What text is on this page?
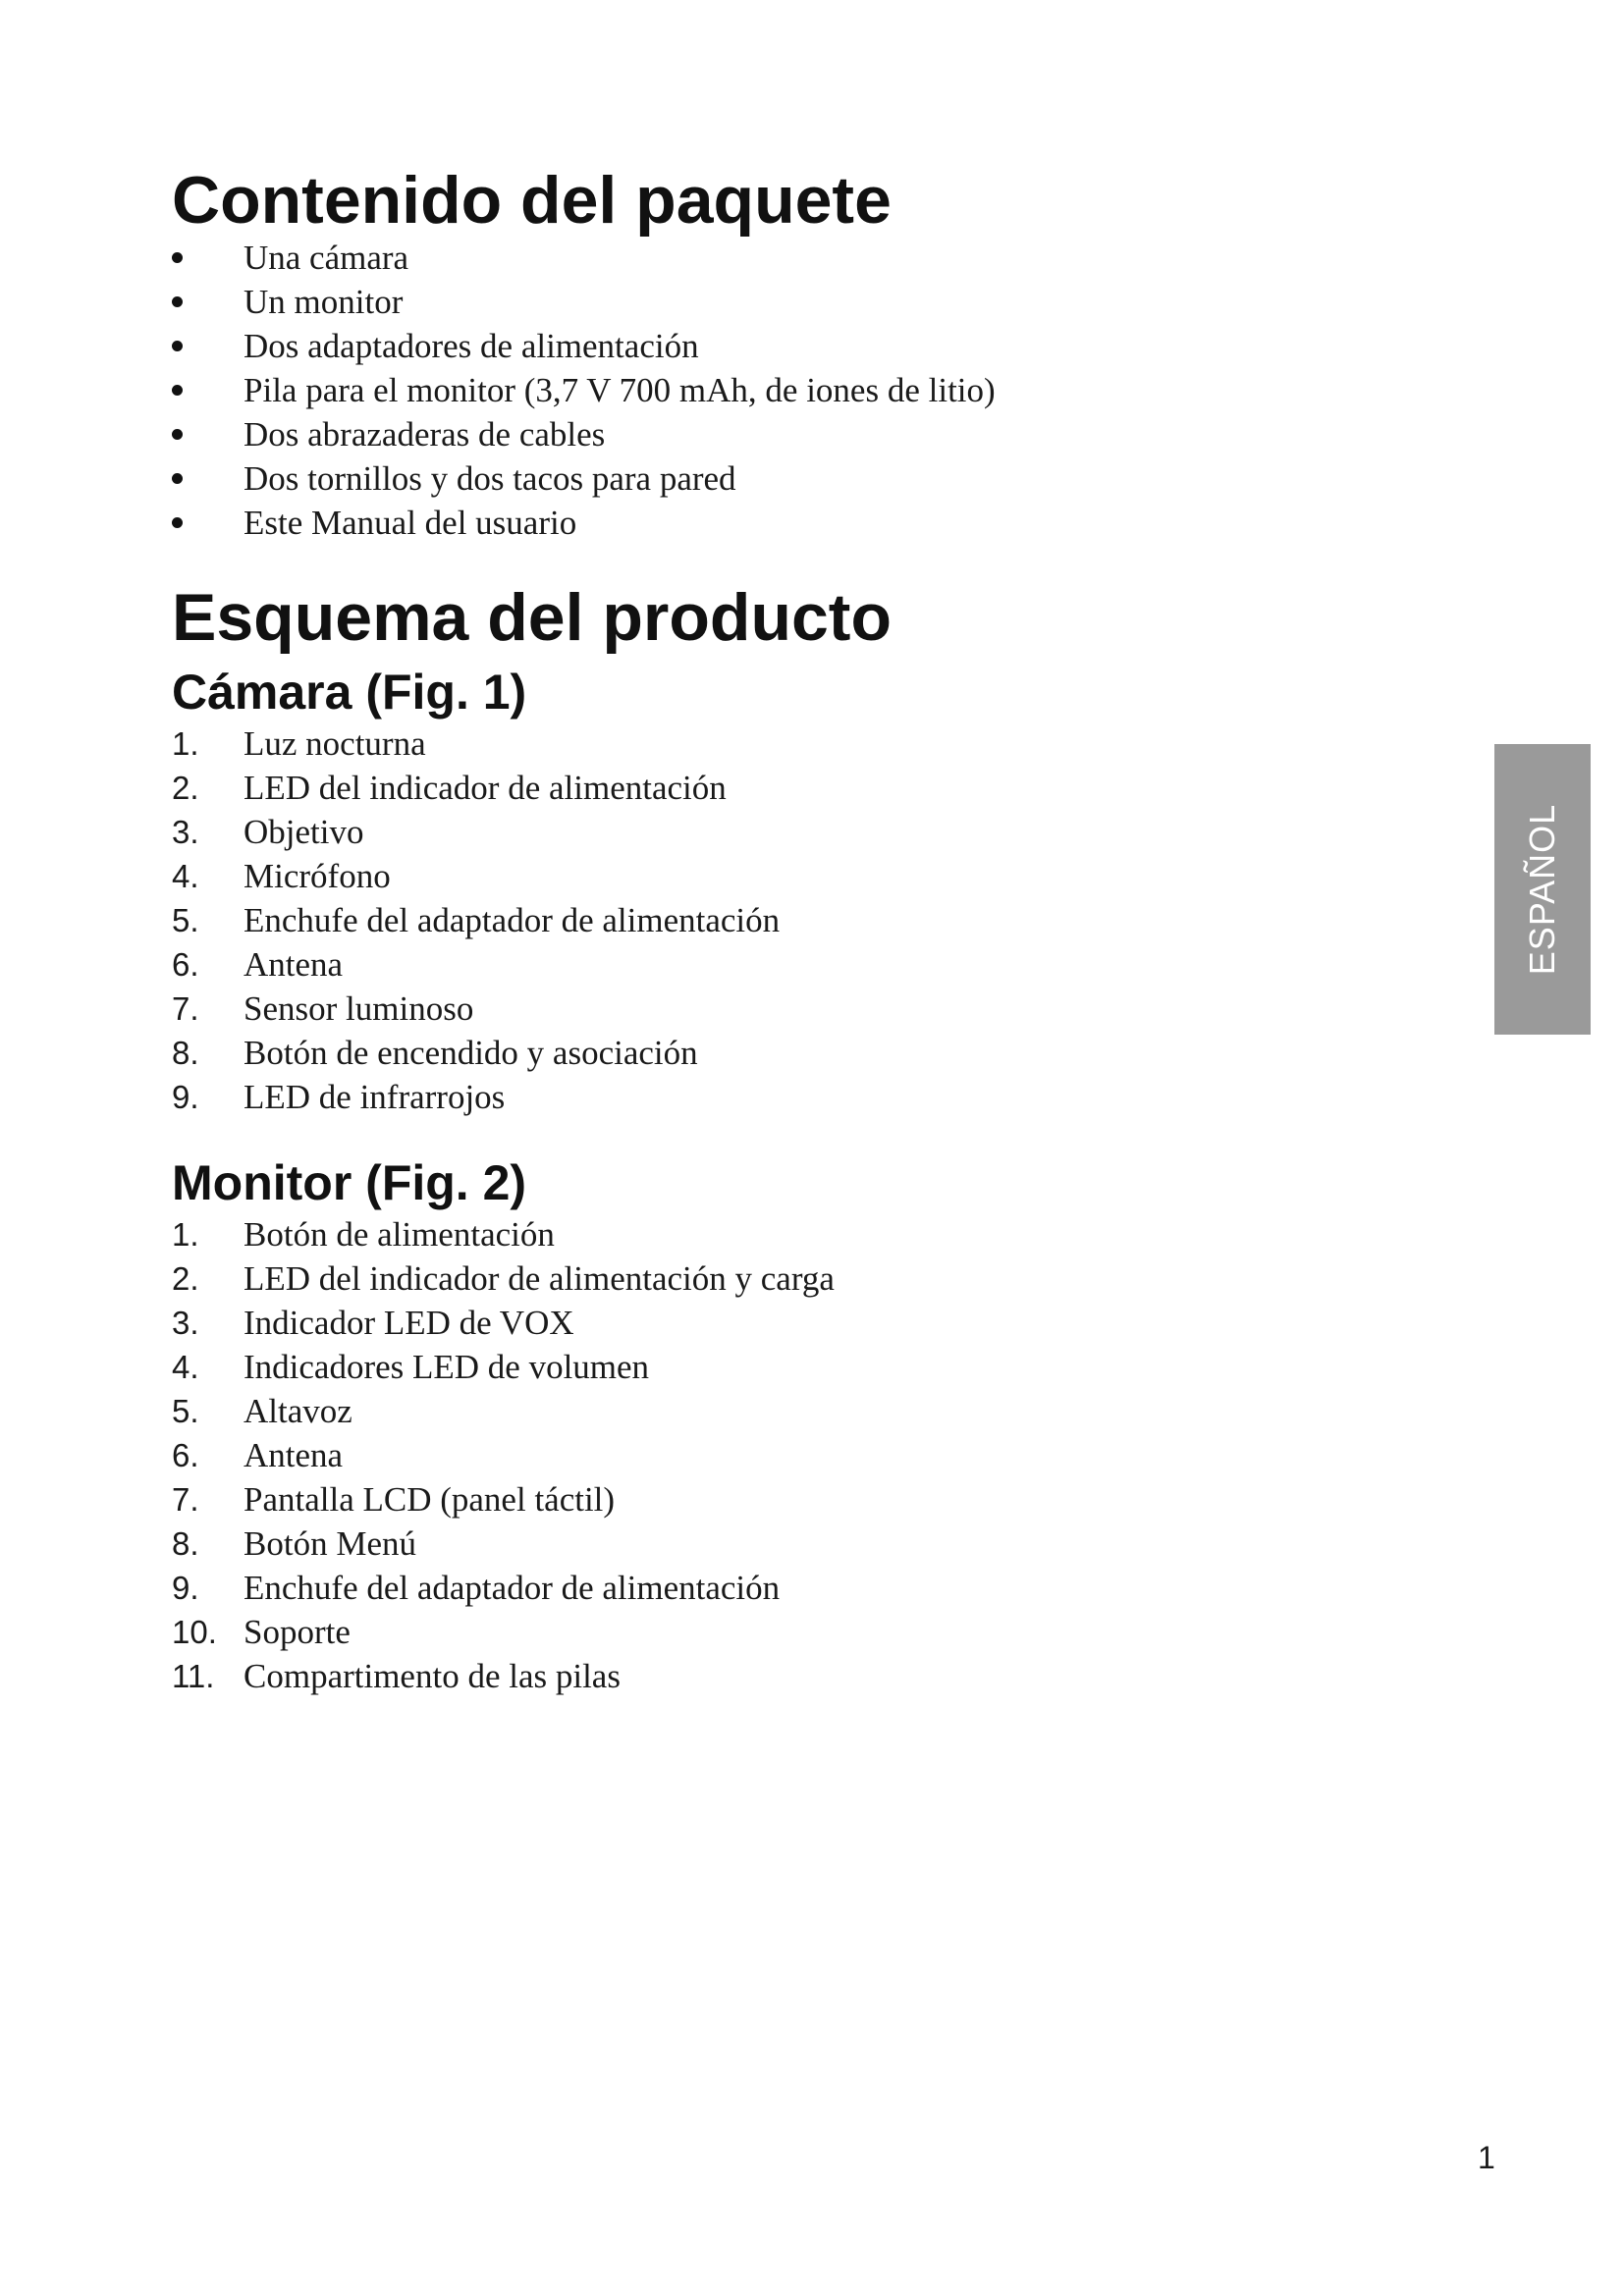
Contenido del paquete
Una cámara
Un monitor
Dos adaptadores de alimentación
Pila para el monitor (3,7 V 700 mAh, de iones de litio)
Dos abrazaderas de cables
Dos tornillos y dos tacos para pared
Este Manual del usuario
Esquema del producto
Cámara (Fig. 1)
1. Luz nocturna
2. LED del indicador de alimentación
3. Objetivo
4. Micrófono
5. Enchufe del adaptador de alimentación
6. Antena
7. Sensor luminoso
8. Botón de encendido y asociación
9. LED de infrarrojos
Monitor (Fig. 2)
1. Botón de alimentación
2. LED del indicador de alimentación y carga
3. Indicador LED de VOX
4. Indicadores LED de volumen
5. Altavoz
6. Antena
7. Pantalla LCD (panel táctil)
8. Botón Menú
9. Enchufe del adaptador de alimentación
10. Soporte
11. Compartimento de las pilas
ESPAÑOL
1
